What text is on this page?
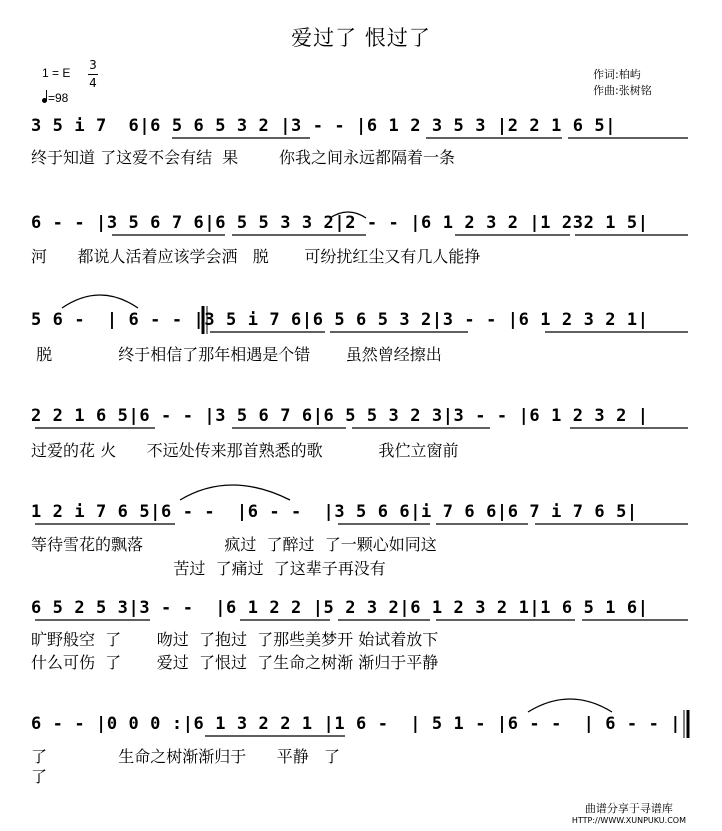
爱过了 恨过了
1 = E
3
4
=98
作词:柏屿
作曲:张树铭
3 5 i 7  6|6 5 6 5 3 2 |3 - - |6 1 2 3 5 3 |2 2 1 6 5|
终于知道 了这爱不会有结  果        你我之间永远都隔着一条
6 - - |3 5 6 7 6|6 5 5 3 3 2|2 - - |6 1 2 3 2 |1 232 1 5|
河      都说人活着应该学会洒   脱       可纷扰红尘又有几人能挣
5 6 -  | 6 - - |3 5 i 7 6|6 5 6 5 3 2|3 - - |6 1 2 3 2 1|
脱             终于相信了那年相遇是个错       虽然曾经擦出
2 2 1 6 5|6 - - |3 5 6 7 6|6 5 5 3 2 3|3 - - |6 1 2 3 2 |
过爱的花 火      不远处传来那首熟悉的歌           我伫立窗前
1 2 i 7 6 5|6 - -  |6 - -  |3 5 6 6|i 7 6 6|6 7 i 7 6 5|
等待雪花的飘落                疯过  了醉过  了一颗心如同这
苦过  了痛过  了这辈子再没有
6 5 2 5 3|3 - -  |6 1 2 2 |5 2 3 2|6 1 2 3 2 1|1 6 5 1 6|
旷野般空  了       吻过  了抱过  了那些美梦开 始试着放下
什么可伤  了       爱过  了恨过  了生命之树渐 渐归于平静
6 - - |0 0 0 :|6 1 3 2 2 1 |1 6 -  | 5 1 - |6 - -  | 6 - - |
了              生命之树渐渐归于      平静   了
了
曲谱分享于寻谱库
HTTP://WWW.XUNPUKU.COM
